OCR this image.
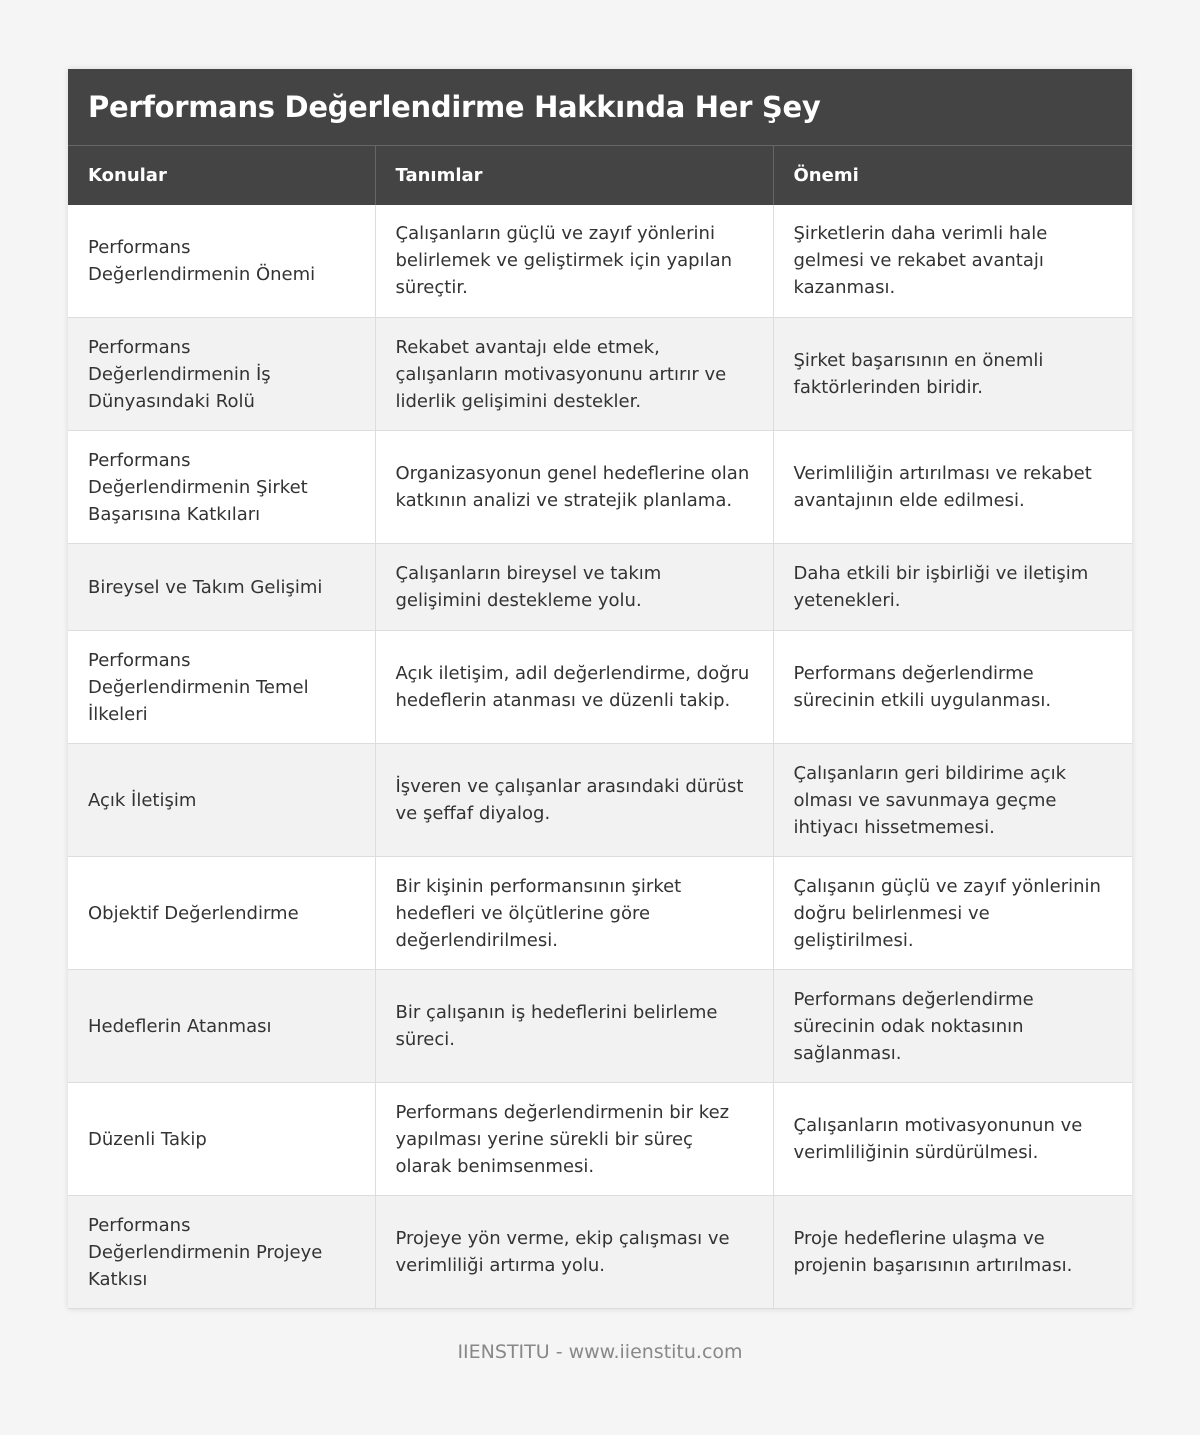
Performans Değerlendirme Hakkında Her Şey
Konular	Tanımlar	Önemi
Performans Değerlendirmenin Önemi	Çalışanların güçlü ve zayıf yönlerini belirlemek ve geliştirmek için yapılan süreçtir.	Şirketlerin daha verimli hale gelmesi ve rekabet avantajı kazanması.
Performans Değerlendirmenin İş Dünyasındaki Rolü	Rekabet avantajı elde etmek, çalışanların motivasyonunu artırır ve liderlik gelişimini destekler.	Şirket başarısının en önemli faktörlerinden biridir.
Performans Değerlendirmenin Şirket Başarısına Katkıları	Organizasyonun genel hedeflerine olan katkının analizi ve stratejik planlama.	Verimliliğin artırılması ve rekabet avantajının elde edilmesi.
Bireysel ve Takım Gelişimi	Çalışanların bireysel ve takım gelişimini destekleme yolu.	Daha etkili bir işbirliği ve iletişim yetenekleri.
Performans Değerlendirmenin Temel İlkeleri	Açık iletişim, adil değerlendirme, doğru hedeflerin atanması ve düzenli takip.	Performans değerlendirme sürecinin etkili uygulanması.
Açık İletişim	İşveren ve çalışanlar arasındaki dürüst ve şeffaf diyalog.	Çalışanların geri bildirime açık olması ve savunmaya geçme ihtiyacı hissetmemesi.
Objektif Değerlendirme	Bir kişinin performansının şirket hedefleri ve ölçütlerine göre değerlendirilmesi.	Çalışanın güçlü ve zayıf yönlerinin doğru belirlenmesi ve geliştirilmesi.
Hedeflerin Atanması	Bir çalışanın iş hedeflerini belirleme süreci.	Performans değerlendirme sürecinin odak noktasının sağlanması.
Düzenli Takip	Performans değerlendirmenin bir kez yapılması yerine sürekli bir süreç olarak benimsenmesi.	Çalışanların motivasyonunun ve verimliliğinin sürdürülmesi.
Performans Değerlendirmenin Projeye Katkısı	Projeye yön verme, ekip çalışması ve verimliliği artırma yolu.	Proje hedeflerine ulaşma ve projenin başarısının artırılması.
IIENSTITU - www.iienstitu.com
